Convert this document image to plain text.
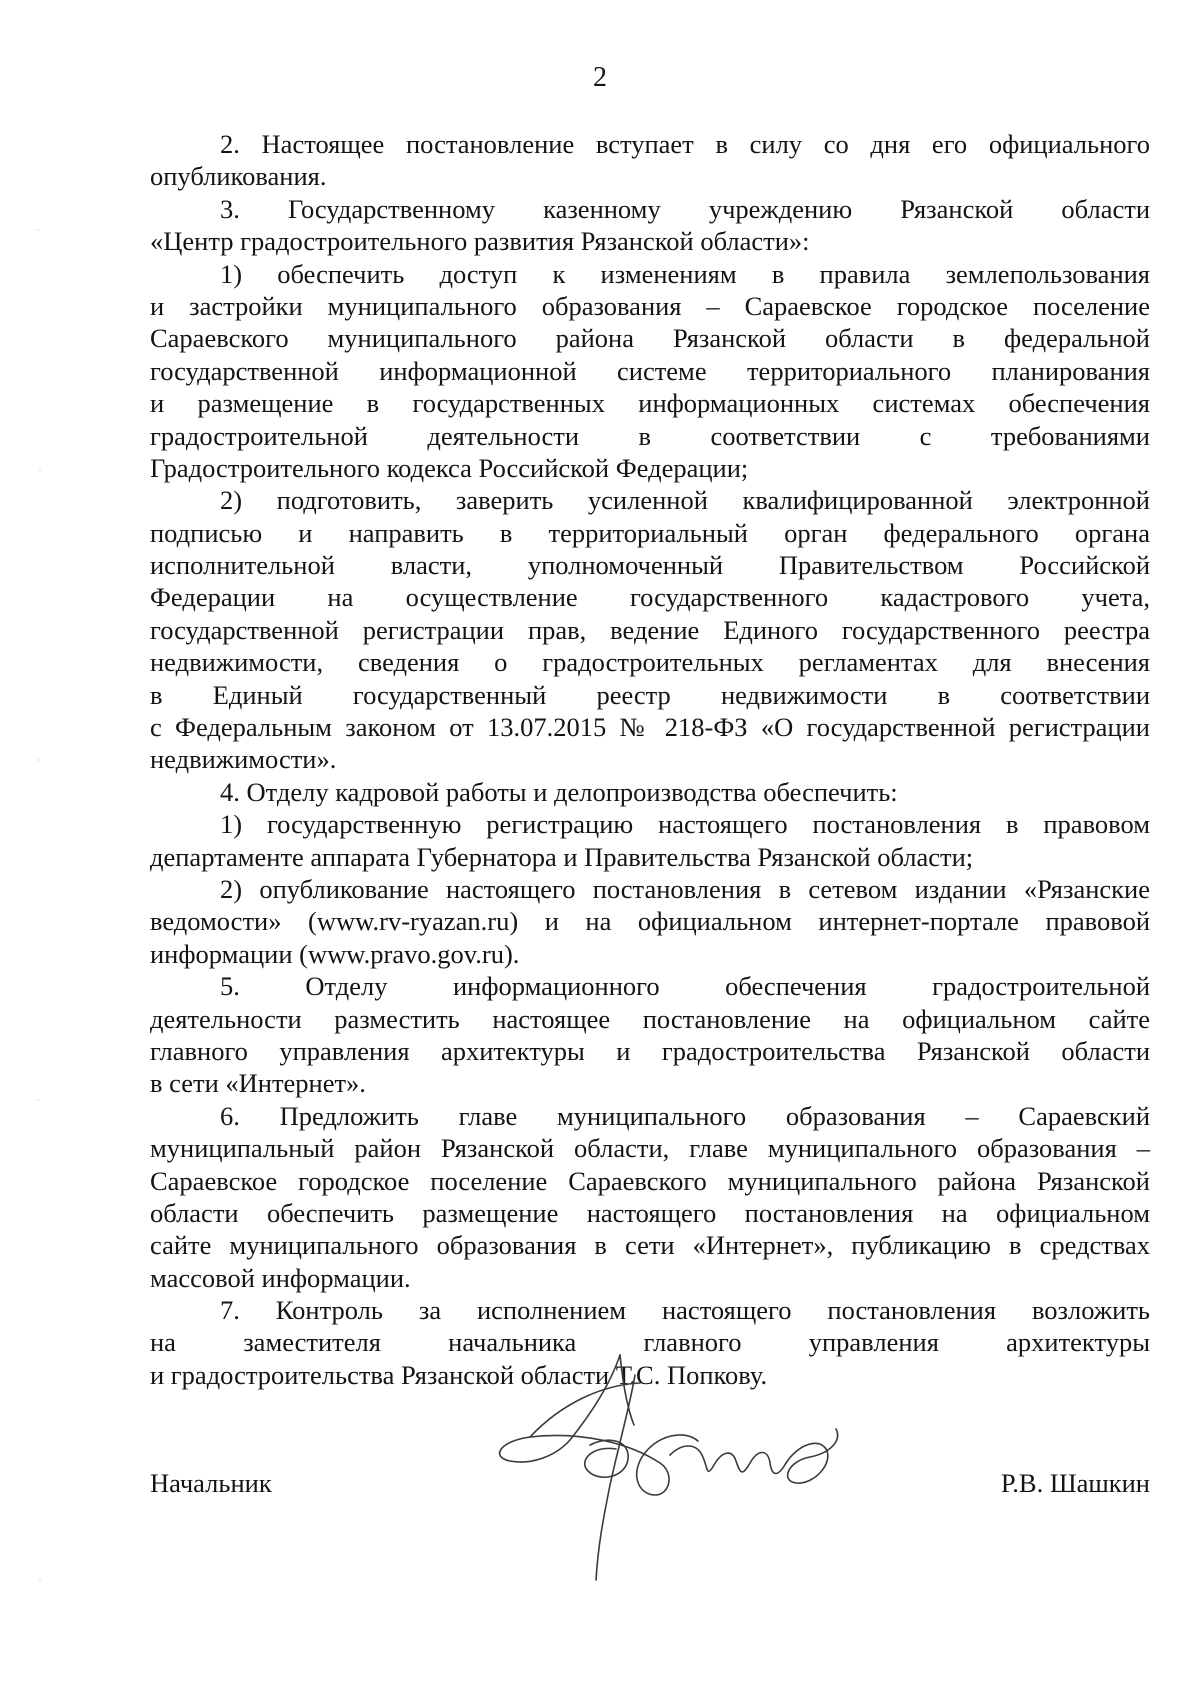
2
2. Настоящее постановление вступает в силу со дня его официального
опубликования.
3. Государственному казенному учреждению Рязанской области
«Центр градостроительного развития Рязанской области»:
1) обеспечить доступ к изменениям в правила землепользования
и застройки муниципального образования – Сараевское городское поселение
Сараевского муниципального района Рязанской области в федеральной
государственной информационной системе территориального планирования
и размещение в государственных информационных системах обеспечения
градостроительной деятельности в соответствии с требованиями
Градостроительного кодекса Российской Федерации;
2) подготовить, заверить усиленной квалифицированной электронной
подписью и направить в территориальный орган федерального органа
исполнительной власти, уполномоченный Правительством Российской
Федерации на осуществление государственного кадастрового учета,
государственной регистрации прав, ведение Единого государственного реестра
недвижимости, сведения о градостроительных регламентах для внесения
в Единый государственный реестр недвижимости в соответствии
с Федеральным законом от 13.07.2015 № 218-ФЗ «О государственной регистрации
недвижимости».
4. Отделу кадровой работы и делопроизводства обеспечить:
1) государственную регистрацию настоящего постановления в правовом
департаменте аппарата Губернатора и Правительства Рязанской области;
2) опубликование настоящего постановления в сетевом издании «Рязанские
ведомости» (www.rv-ryazan.ru) и на официальном интернет-портале правовой
информации (www.pravo.gov.ru).
5. Отделу информационного обеспечения градостроительной
деятельности разместить настоящее постановление на официальном сайте
главного управления архитектуры и градостроительства Рязанской области
в сети «Интернет».
6. Предложить главе муниципального образования – Сараевский
муниципальный район Рязанской области, главе муниципального образования –
Сараевское городское поселение Сараевского муниципального района Рязанской
области обеспечить размещение настоящего постановления на официальном
сайте муниципального образования в сети «Интернет», публикацию в средствах
массовой информации.
7. Контроль за исполнением настоящего постановления возложить
на заместителя начальника главного управления архитектуры
и градостроительства Рязанской области Т.С. Попкову.
Начальник	Р.В. Шашкин
